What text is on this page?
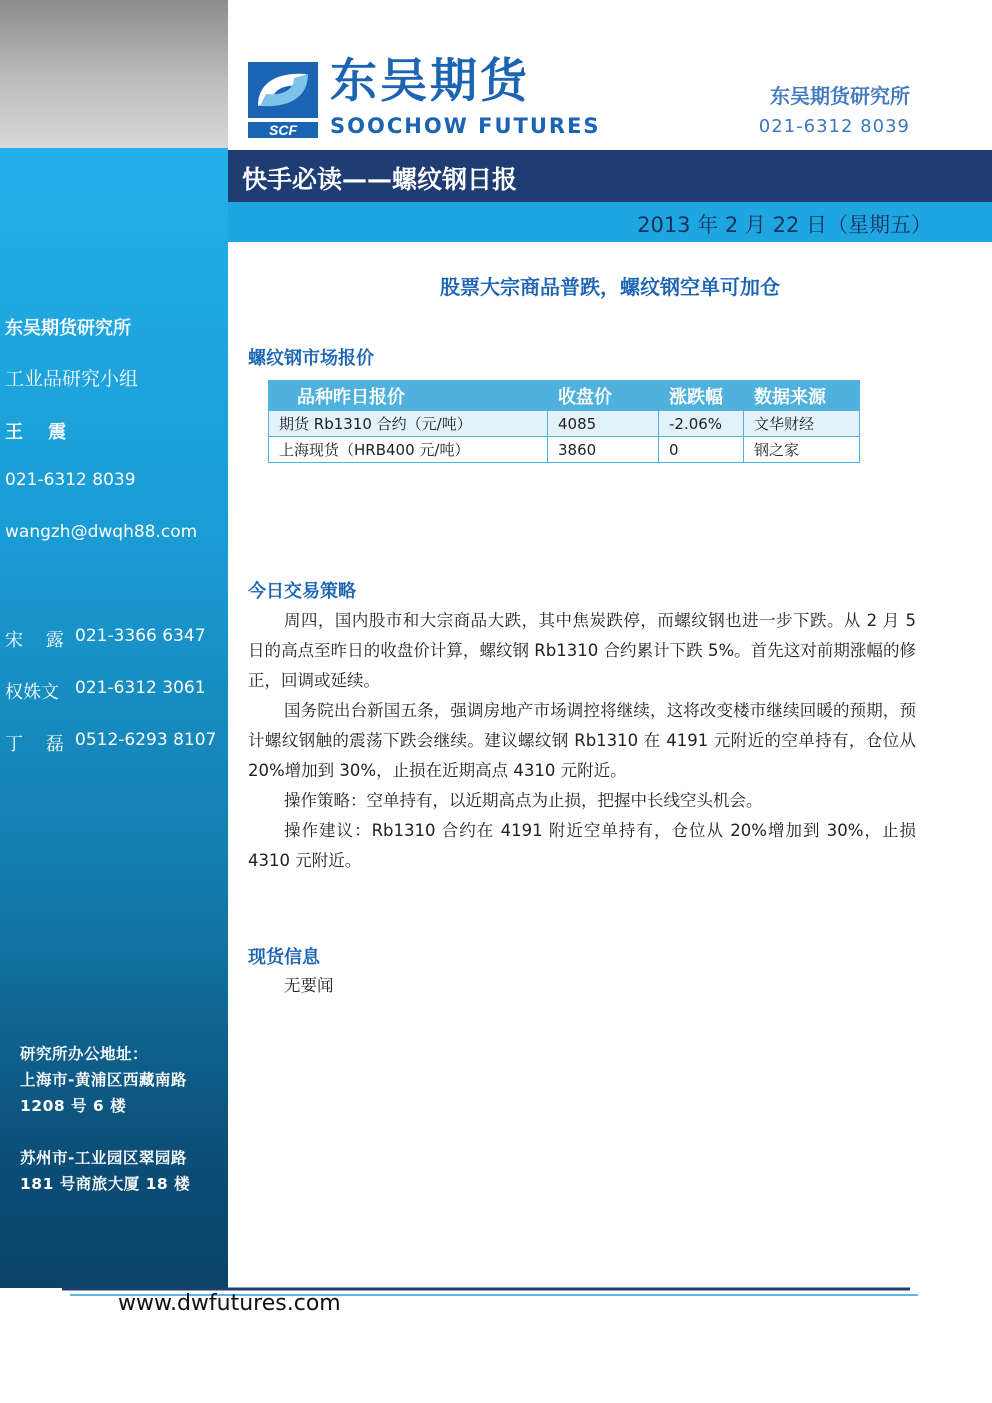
SCF
东吴期货
SOOCHOW FUTURES
东吴期货研究所
021-6312 8039
快手必读——螺纹钢日报
2013 年 2 月 22 日（星期五）
股票大宗商品普跌，螺纹钢空单可加仓
东吴期货研究所
工业品研究小组
王    震
021-6312 8039
wangzh@dwqh88.com
宋    露 021-3366 6347
权姝文 021-6312 3061
丁    磊 0512-6293 8107
研究所办公地址：
上海市-黄浦区西藏南路
1208 号 6 楼
苏州市-工业园区翠园路
181 号商旅大厦 18 楼
螺纹钢市场报价
品种昨日报价	收盘价	涨跌幅	数据来源
期货 Rb1310 合约（元/吨）	4085	-2.06%	文华财经
上海现货（HRB400 元/吨）	3860	0	钢之家
今日交易策略

周四，国内股市和大宗商品大跌，其中焦炭跌停，而螺纹钢也进一步下跌。从 2 月 5 日的高点至昨日的收盘价计算，螺纹钢 Rb1310 合约累计下跌 5%。首先这对前期涨幅的修正，回调或延续。

国务院出台新国五条，强调房地产市场调控将继续，这将改变楼市继续回暖的预期，预计螺纹钢触的震荡下跌会继续。建议螺纹钢 Rb1310 在 4191 元附近的空单持有，仓位从 20%增加到 30%，止损在近期高点 4310 元附近。

操作策略：空单持有，以近期高点为止损，把握中长线空头机会。

操作建议：Rb1310 合约在 4191 附近空单持有，仓位从 20%增加到 30%，止损 4310 元附近。

现货信息

无要闻

www.dwfutures.com
